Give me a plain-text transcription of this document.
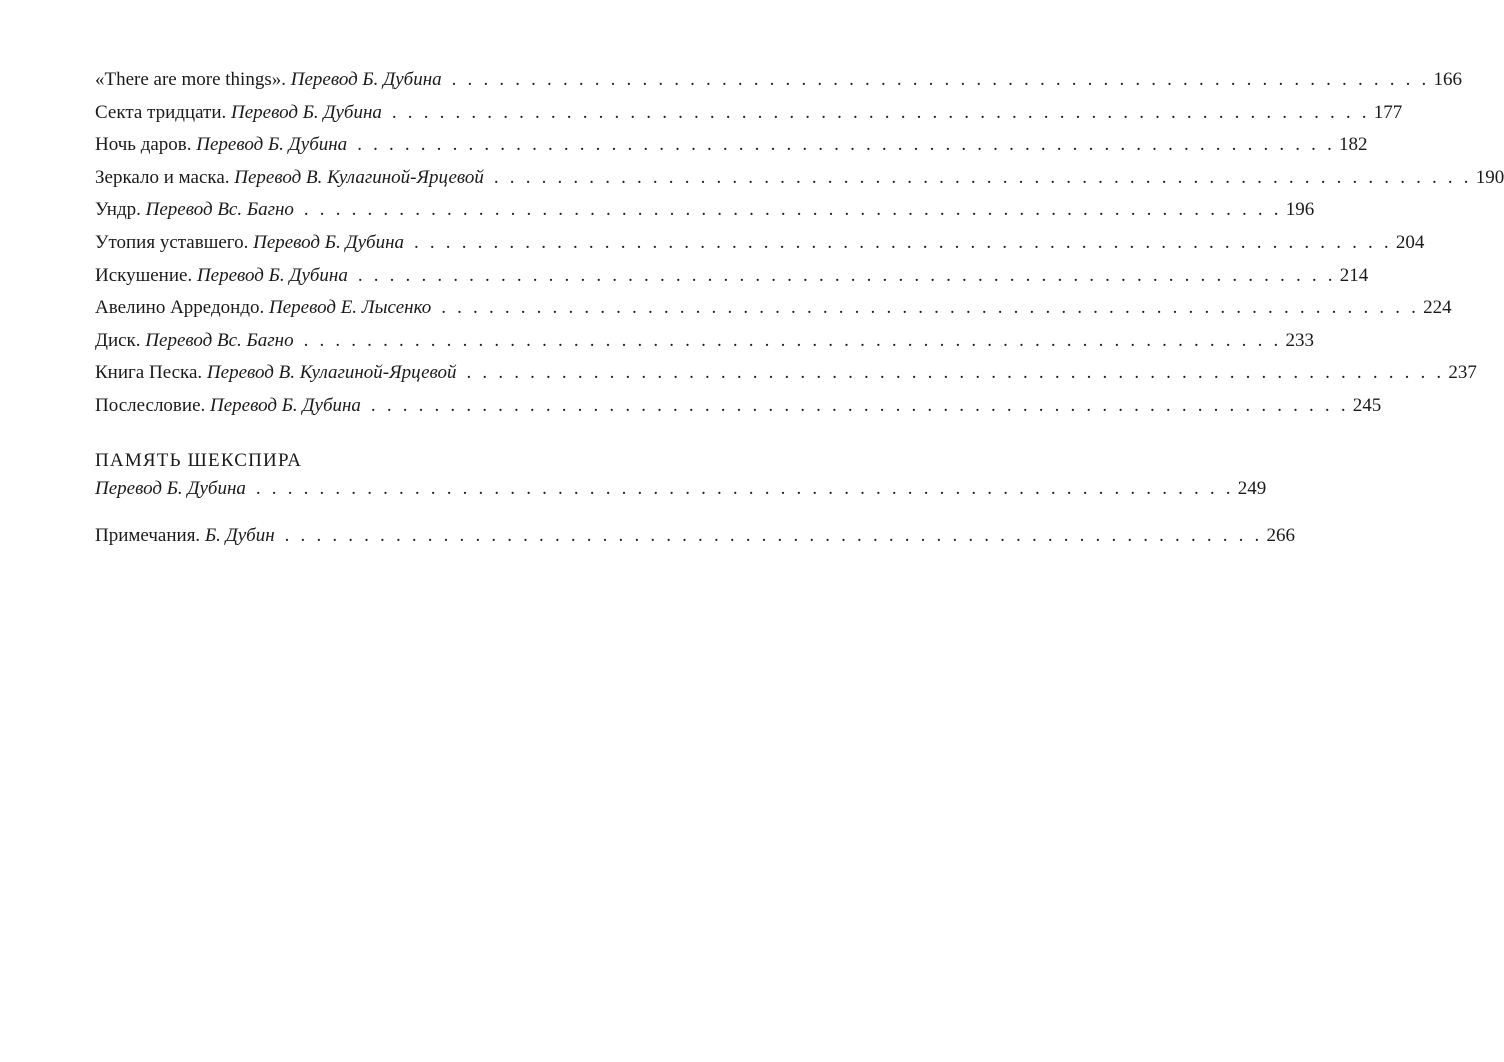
«There are more things».
Перевод Б. Дубина . . . . . . . . . . . . . . . . . . . . . . . . . . . . . . . . . . . . . . . . . . . . . . . . . . . . . . . . . . . . . . 166
Секта тридцати.
Перевод Б. Дубина . . . . . . . . . . . . . . . . . . . . . . . . . . . . . . . . . . . . . . . . . . . . . . . . . . . . . . . . . . . . . . 177
Ночь даров.
Перевод Б. Дубина . . . . . . . . . . . . . . . . . . . . . . . . . . . . . . . . . . . . . . . . . . . . . . . . . . . . . . . . . . . . . . 182
Зеркало и маска.
Перевод В. Кулагиной-Ярцевой . . . . . . . . . . . . . . . . . . . . . . . . . . . . . . . . . . . . . . . . . . . . . . . . . . . . . . . . . . . . . . 190
Ундр.
Перевод Вс. Багно . . . . . . . . . . . . . . . . . . . . . . . . . . . . . . . . . . . . . . . . . . . . . . . . . . . . . . . . . . . . . . 196
Утопия уставшего.
Перевод Б. Дубина . . . . . . . . . . . . . . . . . . . . . . . . . . . . . . . . . . . . . . . . . . . . . . . . . . . . . . . . . . . . . . 204
Искушение.
Перевод Б. Дубина . . . . . . . . . . . . . . . . . . . . . . . . . . . . . . . . . . . . . . . . . . . . . . . . . . . . . . . . . . . . . . 214
Авелино Арредондо.
Перевод Е. Лысенко . . . . . . . . . . . . . . . . . . . . . . . . . . . . . . . . . . . . . . . . . . . . . . . . . . . . . . . . . . . . . . 224
Диск.
Перевод Вс. Багно . . . . . . . . . . . . . . . . . . . . . . . . . . . . . . . . . . . . . . . . . . . . . . . . . . . . . . . . . . . . . . 233
Книга Песка.
Перевод В. Кулагиной-Ярцевой . . . . . . . . . . . . . . . . . . . . . . . . . . . . . . . . . . . . . . . . . . . . . . . . . . . . . . . . . . . . . . 237
Послесловие.
Перевод Б. Дубина . . . . . . . . . . . . . . . . . . . . . . . . . . . . . . . . . . . . . . . . . . . . . . . . . . . . . . . . . . . . . . 245
ПАМЯТЬ ШЕКСПИРА
Перевод Б. Дубина . . . . . . . . . . . . . . . . . . . . . . . . . . . . . . . . . . . . . . . . . . . . . . . . . . . . . . . . . . . . . . 249
Примечания.
Б. Дубин . . . . . . . . . . . . . . . . . . . . . . . . . . . . . . . . . . . . . . . . . . . . . . . . . . . . . . . . . . . . . . 266
